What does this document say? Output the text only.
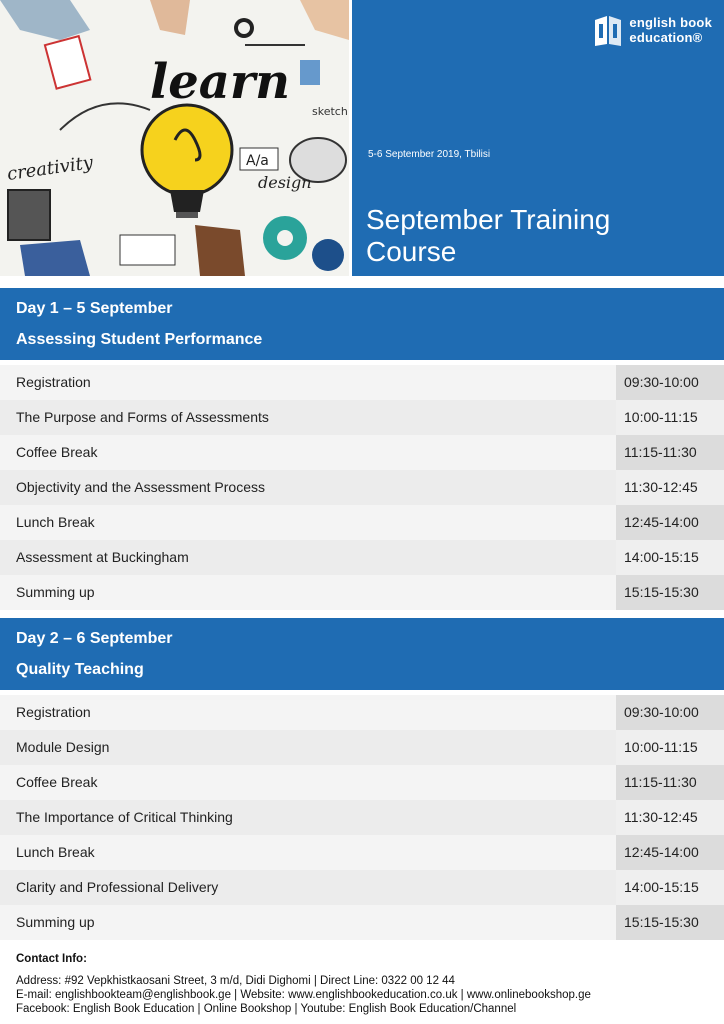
learn
creativity	design
A/a
sketch
english book
education®
5-6 September 2019, Tbilisi
September Training
Course
Day 1 – 5 September
Assessing Student Performance
Registration	09:30-10:00
The Purpose and Forms of Assessments	10:00-11:15
Coffee Break	11:15-11:30
Objectivity and the Assessment Process	11:30-12:45
Lunch Break	12:45-14:00
Assessment at Buckingham	14:00-15:15
Summing up	15:15-15:30
Day 2 – 6 September
Quality Teaching
Registration	09:30-10:00
Module Design	10:00-11:15
Coffee Break	11:15-11:30
The Importance of Critical Thinking	11:30-12:45
Lunch Break	12:45-14:00
Clarity and Professional Delivery	14:00-15:15
Summing up	15:15-15:30
Contact Info:
Address: #92 Vepkhistkaosani Street, 3 m/d, Didi Dighomi | Direct Line: 0322 00 12 44
E-mail: englishbookteam@englishbook.ge | Website: www.englishbookeducation.co.uk | www.onlinebookshop.ge
Facebook: English Book Education | Online Bookshop | Youtube: English Book Education/Channel
